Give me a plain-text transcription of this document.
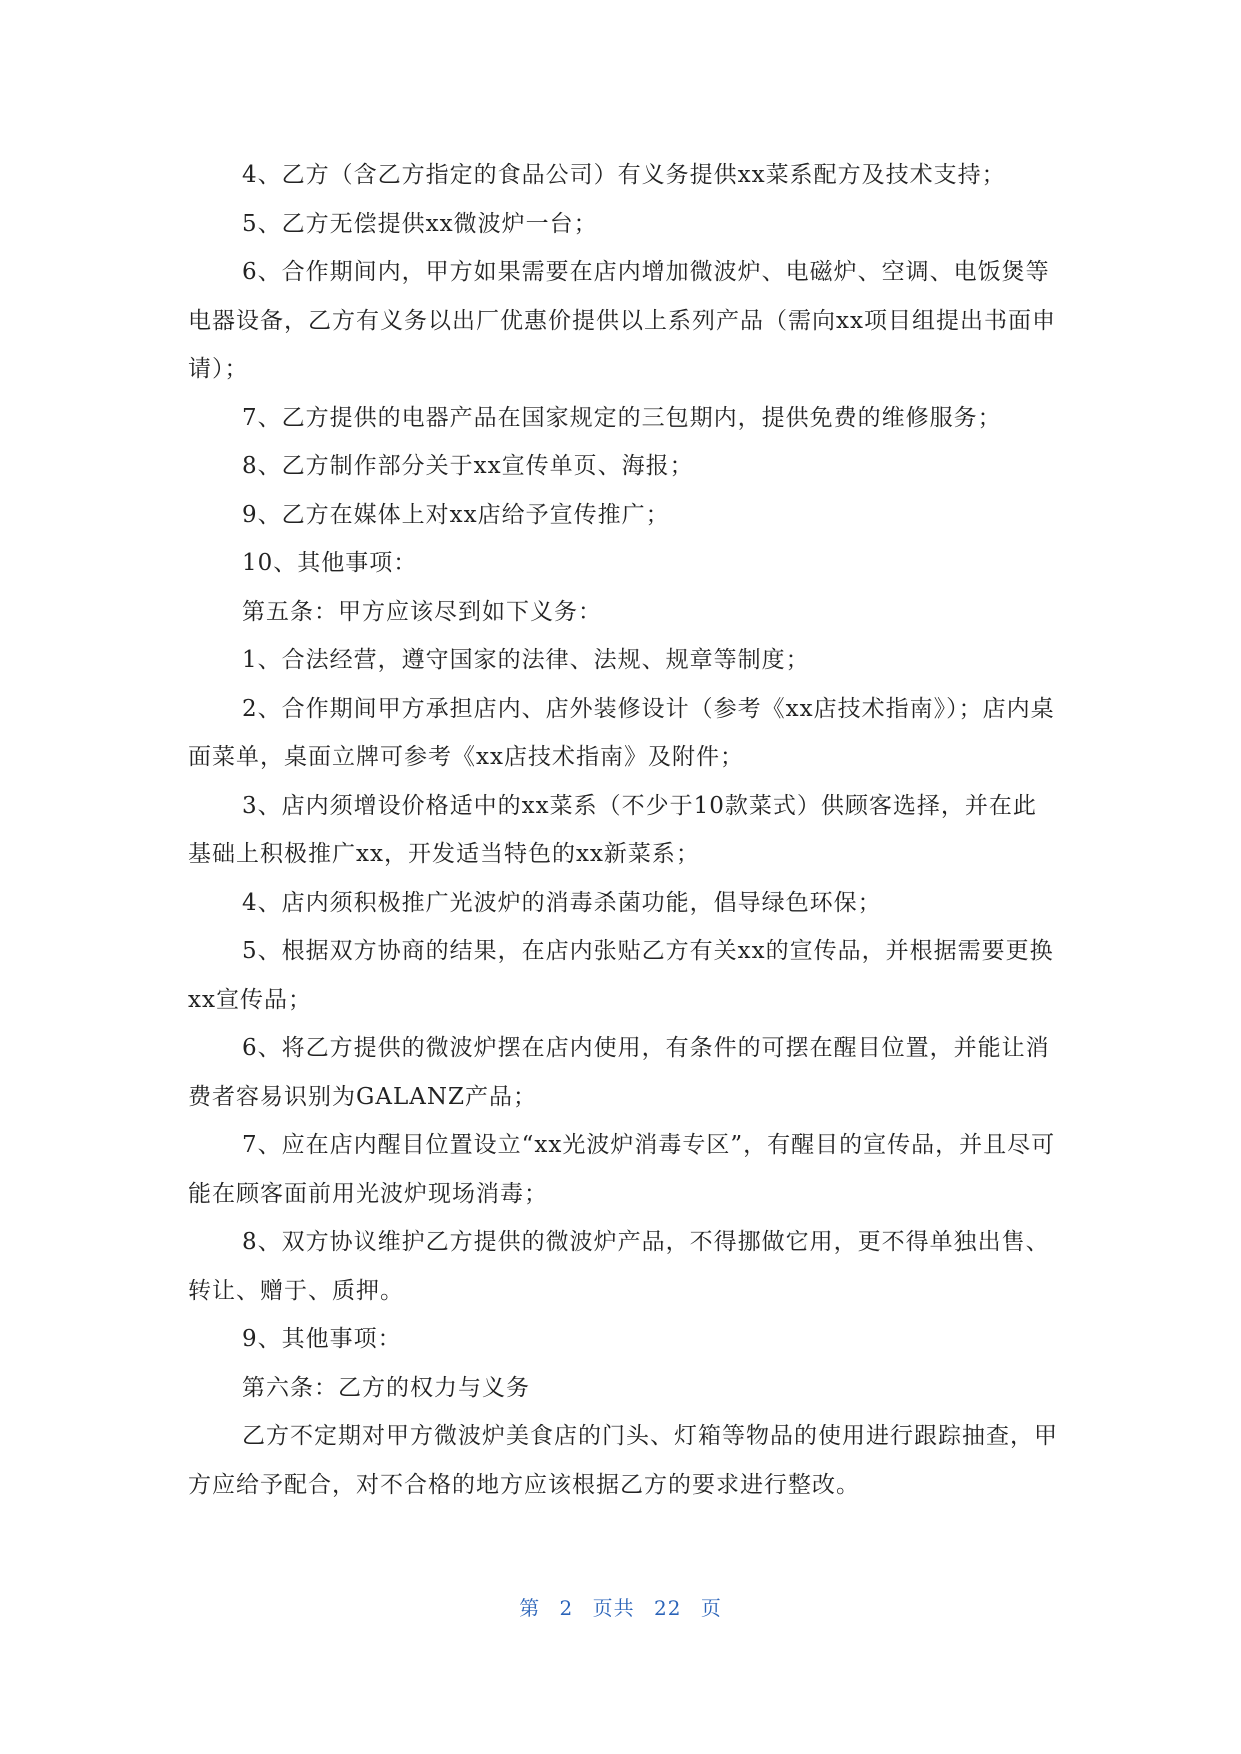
4、乙方（含乙方指定的食品公司）有义务提供xx菜系配方及技术支持；

5、乙方无偿提供xx微波炉一台；

6、合作期间内，甲方如果需要在店内增加微波炉、电磁炉、空调、电饭煲等电器设备，乙方有义务以出厂优惠价提供以上系列产品（需向xx项目组提出书面申请）；

7、乙方提供的电器产品在国家规定的三包期内，提供免费的维修服务；

8、乙方制作部分关于xx宣传单页、海报；

9、乙方在媒体上对xx店给予宣传推广；

10、其他事项：

第五条：甲方应该尽到如下义务：

1、合法经营，遵守国家的法律、法规、规章等制度；

2、合作期间甲方承担店内、店外装修设计（参考《xx店技术指南》）；店内桌面菜单，桌面立牌可参考《xx店技术指南》及附件；

3、店内须增设价格适中的xx菜系（不少于10款菜式）供顾客选择，并在此基础上积极推广xx，开发适当特色的xx新菜系；

4、店内须积极推广光波炉的消毒杀菌功能，倡导绿色环保；

5、根据双方协商的结果，在店内张贴乙方有关xx的宣传品，并根据需要更换xx宣传品；

6、将乙方提供的微波炉摆在店内使用，有条件的可摆在醒目位置，并能让消费者容易识别为GALANZ产品；

7、应在店内醒目位置设立“xx光波炉消毒专区”，有醒目的宣传品，并且尽可能在顾客面前用光波炉现场消毒；

8、双方协议维护乙方提供的微波炉产品，不得挪做它用，更不得单独出售、转让、赠于、质押。

9、其他事项：

第六条：乙方的权力与义务

乙方不定期对甲方微波炉美食店的门头、灯箱等物品的使用进行跟踪抽查，甲方应给予配合，对不合格的地方应该根据乙方的要求进行整改。

第 2 页共 22 页
